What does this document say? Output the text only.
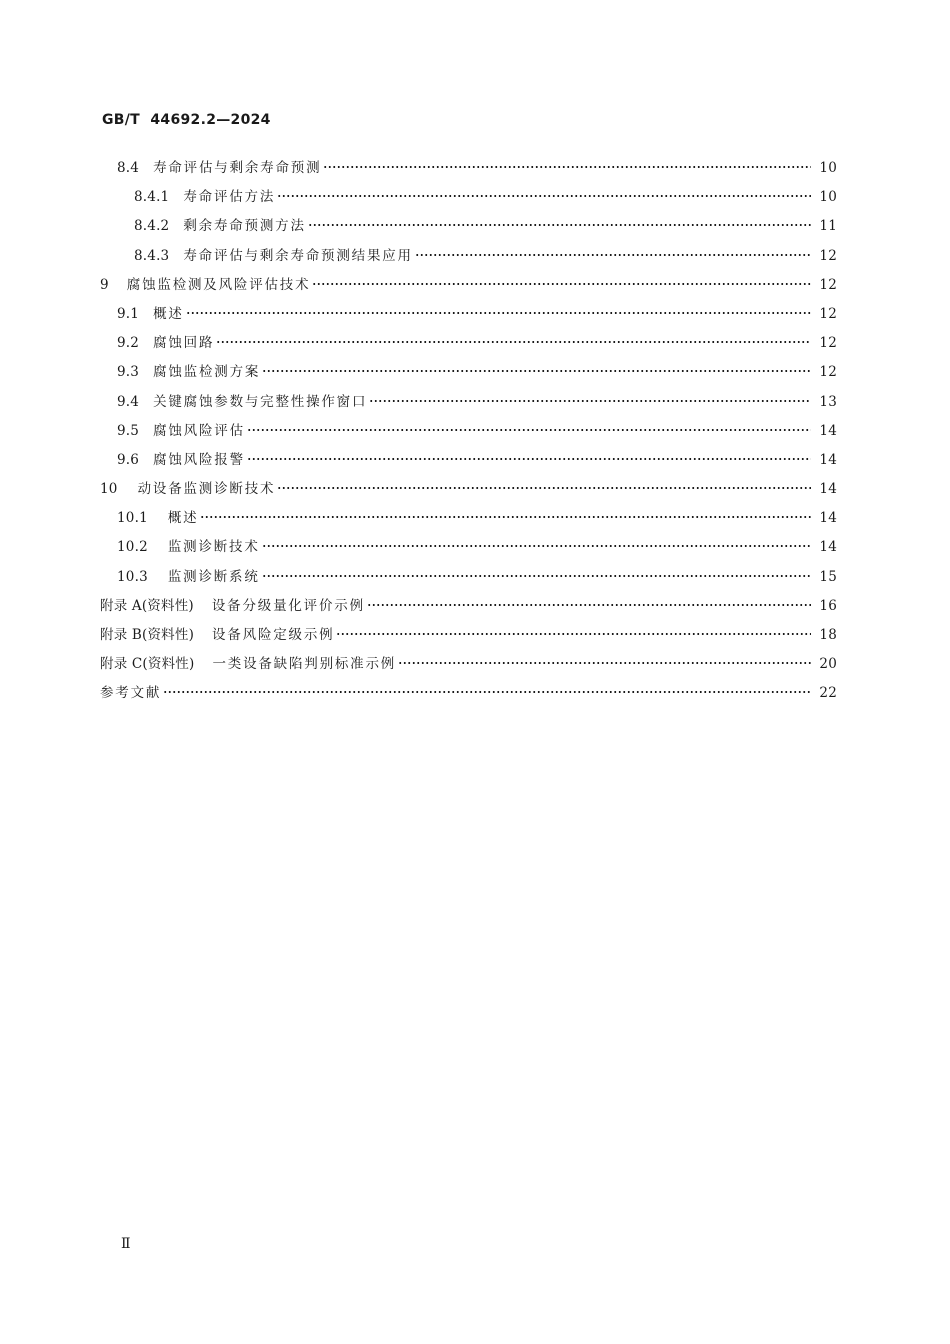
GB/T  44692.2—2024
8.4 寿命评估与剩余寿命预测	10
8.4.1 寿命评估方法	10
8.4.2 剩余寿命预测方法	11
8.4.3 寿命评估与剩余寿命预测结果应用	12
9 腐蚀监检测及风险评估技术	12
9.1 概述	12
9.2 腐蚀回路	12
9.3 腐蚀监检测方案	12
9.4 关键腐蚀参数与完整性操作窗口	13
9.5 腐蚀风险评估	14
9.6 腐蚀风险报警	14
10 动设备监测诊断技术	14
10.1 概述	14
10.2 监测诊断技术	14
10.3 监测诊断系统	15
附录 A(资料性) 设备分级量化评价示例	16
附录 B(资料性) 设备风险定级示例	18
附录 C(资料性) 一类设备缺陷判别标准示例	20
参考文献	22
Ⅱ
